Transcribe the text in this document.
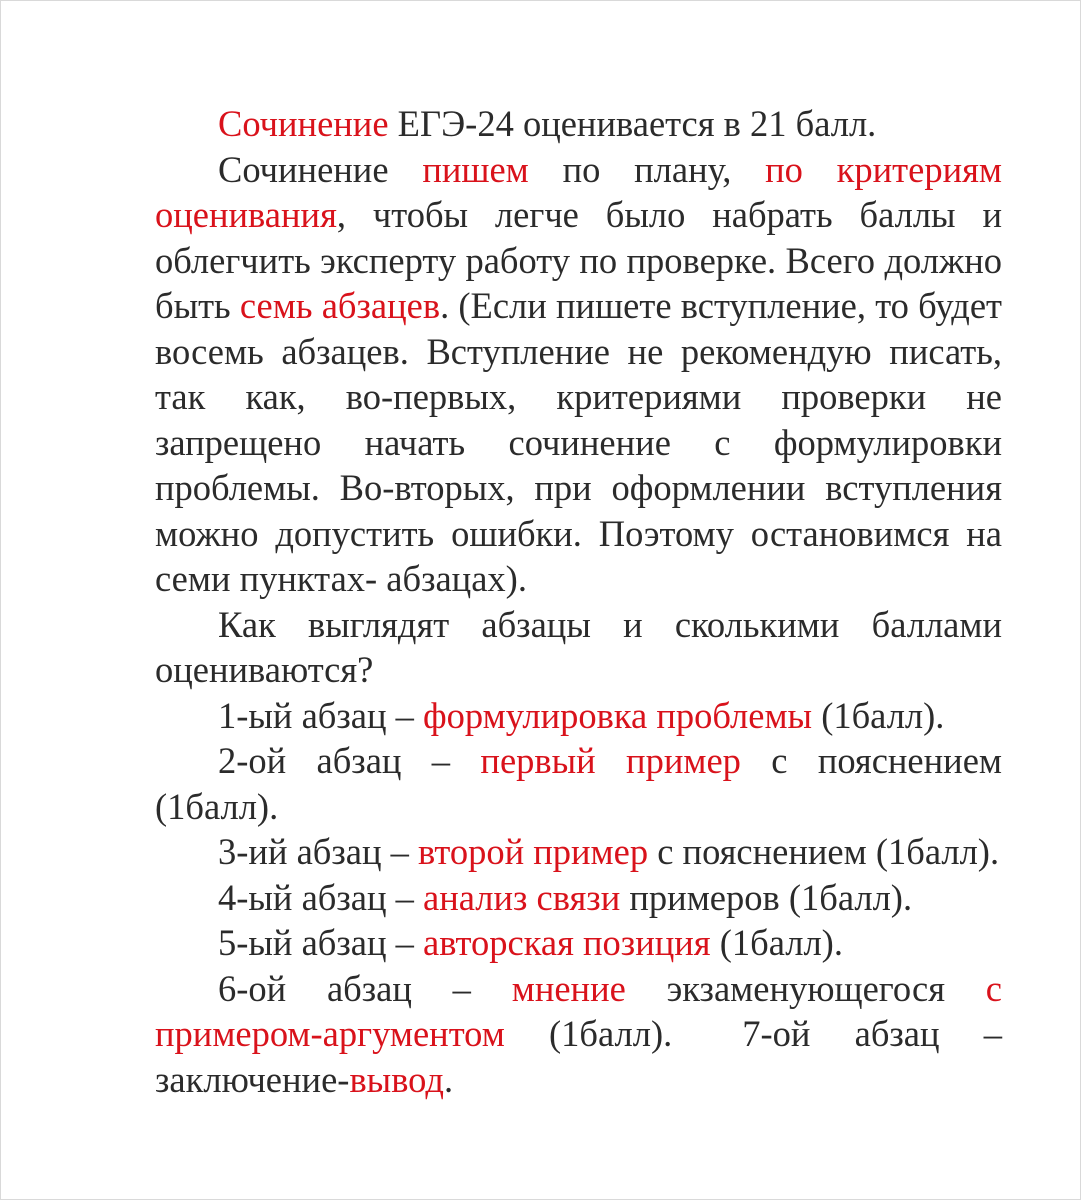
Сочинение ЕГЭ-24 оценивается в 21 балл.

Сочинение пишем по плану, по критериям оценивания, чтобы легче было набрать баллы и облегчить эксперту работу по проверке. Всего должно быть семь абзацев. (Если пишете вступление, то будет восемь абзацев. Вступление не рекомендую писать, так как, во-первых, критериями проверки не запрещено начать сочинение с формулировки проблемы. Во-вторых, при оформлении вступления можно допустить ошибки. Поэтому остановимся на семи пунктах- абзацах).

Как выглядят абзацы и сколькими баллами оцениваются?

1-ый абзац – формулировка проблемы (1балл).

2-ой абзац – первый пример с пояснением (1балл).

3-ий абзац – второй пример с пояснением (1балл).

4-ый абзац – анализ связи примеров (1балл).

5-ый абзац – авторская позиция (1балл).

6-ой абзац – мнение экзаменующегося с примером-аргументом (1балл). 7-ой абзац – заключение-вывод.
